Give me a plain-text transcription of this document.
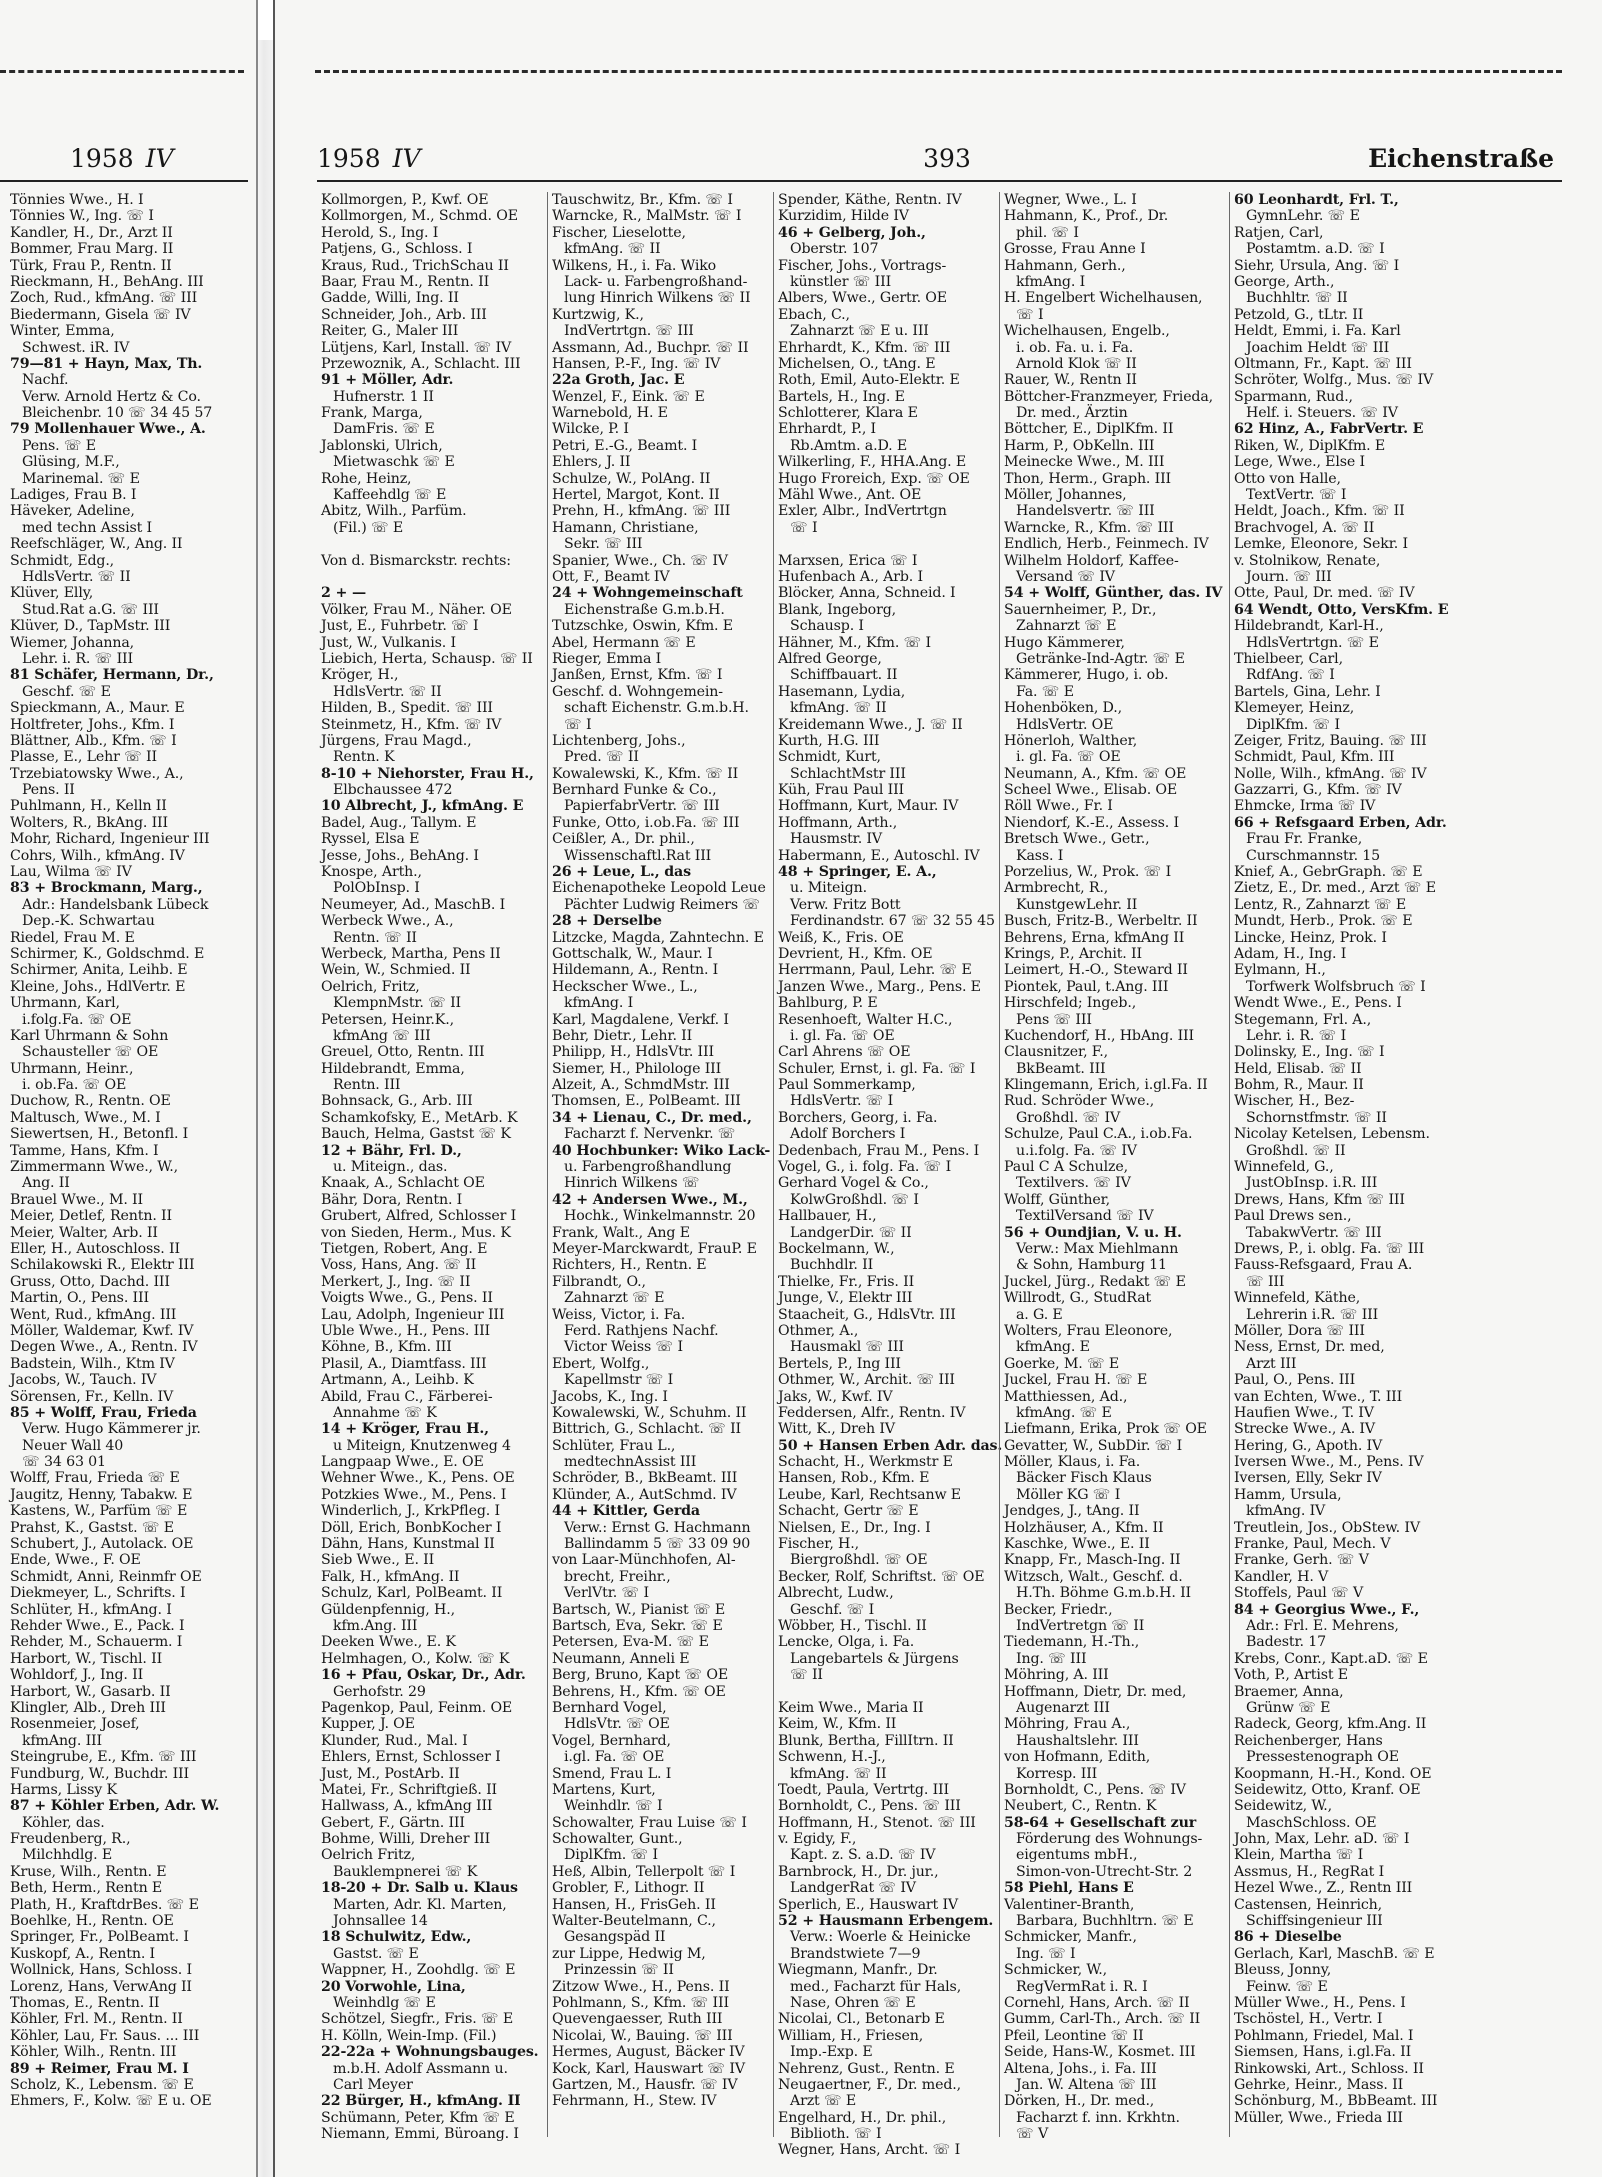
1958 IV
Tönnies Wwe., H. I
Tönnies W., Ing. ☏ I
Kandler, H., Dr., Arzt II
Bommer, Frau Marg. II
Türk, Frau P., Rentn. II
Rieckmann, H., BehAng. III
Zoch, Rud., kfmAng. ☏ III
Biedermann, Gisela ☏ IV
Winter, Emma,
Schwest. iR. IV
79—81 + Hayn, Max, Th.
Nachf.
Verw. Arnold Hertz & Co.
Bleichenbr. 10 ☏ 34 45 57
79 Mollenhauer Wwe., A.
Pens. ☏ E
Glüsing, M.F.,
Marinemal. ☏ E
Ladiges, Frau B. I
Häveker, Adeline,
med techn Assist I
Reefschläger, W., Ang. II
Schmidt, Edg.,
HdlsVertr. ☏ II
Klüver, Elly,
Stud.Rat a.G. ☏ III
Klüver, D., TapMstr. III
Wiemer, Johanna,
Lehr. i. R. ☏ III
81 Schäfer, Hermann, Dr.,
Geschf. ☏ E
Spieckmann, A., Maur. E
Holtfreter, Johs., Kfm. I
Blättner, Alb., Kfm. ☏ I
Plasse, E., Lehr ☏ II
Trzebiatowsky Wwe., A.,
Pens. II
Puhlmann, H., Kelln II
Wolters, R., BkAng. III
Mohr, Richard, Ingenieur III
Cohrs, Wilh., kfmAng. IV
Lau, Wilma ☏ IV
83 + Brockmann, Marg.,
Adr.: Handelsbank Lübeck
Dep.-K. Schwartau
Riedel, Frau M. E
Schirmer, K., Goldschmd. E
Schirmer, Anita, Leihb. E
Kleine, Johs., HdlVertr. E
Uhrmann, Karl,
i.folg.Fa. ☏ OE
Karl Uhrmann & Sohn
Schausteller ☏ OE
Uhrmann, Heinr.,
i. ob.Fa. ☏ OE
Duchow, R., Rentn. OE
Maltusch, Wwe., M. I
Siewertsen, H., Betonfl. I
Tamme, Hans, Kfm. I
Zimmermann Wwe., W.,
Ang. II
Brauel Wwe., M. II
Meier, Detlef, Rentn. II
Meier, Walter, Arb. II
Eller, H., Autoschloss. II
Schilakowski R., Elektr III
Gruss, Otto, Dachd. III
Martin, O., Pens. III
Went, Rud., kfmAng. III
Möller, Waldemar, Kwf. IV
Degen Wwe., A., Rentn. IV
Badstein, Wilh., Ktm IV
Jacobs, W., Tauch. IV
Sörensen, Fr., Kelln. IV
85 + Wolff, Frau, Frieda
Verw. Hugo Kämmerer jr.
Neuer Wall 40
☏ 34 63 01
Wolff, Frau, Frieda ☏ E
Jaugitz, Henny, Tabakw. E
Kastens, W., Parfüm ☏ E
Prahst, K., Gastst. ☏ E
Schubert, J., Autolack. OE
Ende, Wwe., F. OE
Schmidt, Anni, Reinmfr OE
Diekmeyer, L., Schrifts. I
Schlüter, H., kfmAng. I
Rehder Wwe., E., Pack. I
Rehder, M., Schauerm. I
Harbort, W., Tischl. II
Wohldorf, J., Ing. II
Harbort, W., Gasarb. II
Klingler, Alb., Dreh III
Rosenmeier, Josef,
kfmAng. III
Steingrube, E., Kfm. ☏ III
Fundburg, W., Buchdr. III
Harms, Lissy K
87 + Köhler Erben, Adr. W.
Köhler, das.
Freudenberg, R.,
Milchhdlg. E
Kruse, Wilh., Rentn. E
Beth, Herm., Rentn E
Plath, H., KraftdrBes. ☏ E
Boehlke, H., Rentn. OE
Springer, Fr., PolBeamt. I
Kuskopf, A., Rentn. I
Wollnick, Hans, Schloss. I
Lorenz, Hans, VerwAng II
Thomas, E., Rentn. II
Köhler, Frl. M., Rentn. II
Köhler, Lau, Fr. Saus. ... III
Köhler, Wilh., Rentn. III
89 + Reimer, Frau M. I
Scholz, K., Lebensm. ☏ E
Ehmers, F., Kolw. ☏ E u. OE
1958 IV	393	Eichenstraße
Kollmorgen, P., Kwf. OE
Kollmorgen, M., Schmd. OE
Herold, S., Ing. I
Patjens, G., Schloss. I
Kraus, Rud., TrichSchau II
Baar, Frau M., Rentn. II
Gadde, Willi, Ing. II
Schneider, Joh., Arb. III
Reiter, G., Maler III
Lütjens, Karl, Install. ☏ IV
Przewoznik, A., Schlacht. III
91 + Möller, Adr.
Hufnerstr. 1 II
Frank, Marga,
DamFris. ☏ E
Jablonski, Ulrich,
Mietwaschk ☏ E
Rohe, Heinz,
Kaffeehdlg ☏ E
Abitz, Wilh., Parfüm.
(Fil.) ☏ E
Von d. Bismarckstr. rechts:
2 + —
Völker, Frau M., Näher. OE
Just, E., Fuhrbetr. ☏ I
Just, W., Vulkanis. I
Liebich, Herta, Schausp. ☏ II
Kröger, H.,
HdlsVertr. ☏ II
Hilden, B., Spedit. ☏ III
Steinmetz, H., Kfm. ☏ IV
Jürgens, Frau Magd.,
Rentn. K
8-10 + Niehorster, Frau H.,
Elbchaussee 472
10 Albrecht, J., kfmAng. E
Badel, Aug., Tallym. E
Ryssel, Elsa E
Jesse, Johs., BehAng. I
Knospe, Arth.,
PolObInsp. I
Neumeyer, Ad., MaschB. I
Werbeck Wwe., A.,
Rentn. ☏ II
Werbeck, Martha, Pens II
Wein, W., Schmied. II
Oelrich, Fritz,
KlempnMstr. ☏ II
Petersen, Heinr.K.,
kfmAng ☏ III
Greuel, Otto, Rentn. III
Hildebrandt, Emma,
Rentn. III
Bohnsack, G., Arb. III
Schamkofsky, E., MetArb. K
Bauch, Helma, Gastst ☏ K
12 + Bähr, Frl. D.,
u. Miteign., das.
Knaak, A., Schlacht OE
Bähr, Dora, Rentn. I
Grubert, Alfred, Schlosser I
von Sieden, Herm., Mus. K
Tietgen, Robert, Ang. E
Voss, Hans, Ang. ☏ II
Merkert, J., Ing. ☏ II
Voigts Wwe., G., Pens. II
Lau, Adolph, Ingenieur III
Uble Wwe., H., Pens. III
Köhne, B., Kfm. III
Plasil, A., Diamtfass. III
Artmann, A., Leihb. K
Abild, Frau C., Färberei-
Annahme ☏ K
14 + Kröger, Frau H.,
u Miteign, Knutzenweg 4
Langpaap Wwe., E. OE
Wehner Wwe., K., Pens. OE
Potzkies Wwe., M., Pens. I
Winderlich, J., KrkPfleg. I
Döll, Erich, BonbKocher I
Dähn, Hans, Kunstmal II
Sieb Wwe., E. II
Falk, H., kfmAng. II
Schulz, Karl, PolBeamt. II
Güldenpfennig, H.,
kfm.Ang. III
Deeken Wwe., E. K
Helmhagen, O., Kolw. ☏ K
16 + Pfau, Oskar, Dr., Adr.
Gerhofstr. 29
Pagenkop, Paul, Feinm. OE
Kupper, J. OE
Klunder, Rud., Mal. I
Ehlers, Ernst, Schlosser I
Just, M., PostArb. II
Matei, Fr., Schriftgieß. II
Hallwass, A., kfmAng III
Gebert, F., Gärtn. III
Bohme, Willi, Dreher III
Oelrich Fritz,
Bauklempnerei ☏ K
18-20 + Dr. Salb u. Klaus
Marten, Adr. Kl. Marten,
Johnsallee 14
18 Schulwitz, Edw.,
Gastst. ☏ E
Wappner, H., Zoohdlg. ☏ E
20 Vorwohle, Lina,
Weinhdlg ☏ E
Schötzel, Siegfr., Fris. ☏ E
H. Kölln, Wein-Imp. (Fil.)
22-22a + Wohnungsbauges.
m.b.H. Adolf Assmann u.
Carl Meyer
22 Bürger, H., kfmAng. II
Schümann, Peter, Kfm ☏ E
Niemann, Emmi, Büroang. I
Tauschwitz, Br., Kfm. ☏ I
Warncke, R., MalMstr. ☏ I
Fischer, Lieselotte,
kfmAng. ☏ II
Wilkens, H., i. Fa. Wiko
Lack- u. Farbengroßhand-
lung Hinrich Wilkens ☏ II
Kurtzwig, K.,
IndVertrtgn. ☏ III
Assmann, Ad., Buchpr. ☏ II
Hansen, P.-F., Ing. ☏ IV
22a Groth, Jac. E
Wenzel, F., Eink. ☏ E
Warnebold, H. E
Wilcke, P. I
Petri, E.-G., Beamt. I
Ehlers, J. II
Schulze, W., PolAng. II
Hertel, Margot, Kont. II
Prehn, H., kfmAng. ☏ III
Hamann, Christiane,
Sekr. ☏ III
Spanier, Wwe., Ch. ☏ IV
Ott, F., Beamt IV
24 + Wohngemeinschaft
Eichenstraße G.m.b.H.
Tutzschke, Oswin, Kfm. E
Abel, Hermann ☏ E
Rieger, Emma I
Janßen, Ernst, Kfm. ☏ I
Geschf. d. Wohngemein-
schaft Eichenstr. G.m.b.H.
☏ I
Lichtenberg, Johs.,
Pred. ☏ II
Kowalewski, K., Kfm. ☏ II
Bernhard Funke & Co.,
PapierfabrVertr. ☏ III
Funke, Otto, i.ob.Fa. ☏ III
Ceißler, A., Dr. phil.,
Wissenschaftl.Rat III
26 + Leue, L., das
Eichenapotheke Leopold Leue
Pächter Ludwig Reimers ☏
28 + Derselbe
Litzcke, Magda, Zahntechn. E
Gottschalk, W., Maur. I
Hildemann, A., Rentn. I
Heckscher Wwe., L.,
kfmAng. I
Karl, Magdalene, Verkf. I
Behr, Dietr., Lehr. II
Philipp, H., HdlsVtr. III
Siemer, H., Philologe III
Alzeit, A., SchmdMstr. III
Thomsen, E., PolBeamt. III
34 + Lienau, C., Dr. med.,
Facharzt f. Nervenkr. ☏
40 Hochbunker: Wiko Lack-
u. Farbengroßhandlung
Hinrich Wilkens ☏
42 + Andersen Wwe., M.,
Hochk., Winkelmannstr. 20
Frank, Walt., Ang E
Meyer-Marckwardt, FrauP. E
Richters, H., Rentn. E
Filbrandt, O.,
Zahnarzt ☏ E
Weiss, Victor, i. Fa.
Ferd. Rathjens Nachf.
Victor Weiss ☏ I
Ebert, Wolfg.,
Kapellmstr ☏ I
Jacobs, K., Ing. I
Kowalewski, W., Schuhm. II
Bittrich, G., Schlacht. ☏ II
Schlüter, Frau L.,
medtechnAssist III
Schröder, B., BkBeamt. III
Klünder, A., AutSchmd. IV
44 + Kittler, Gerda
Verw.: Ernst G. Hachmann
Ballindamm 5 ☏ 33 09 90
von Laar-Münchhofen, Al-
brecht, Freihr.,
VerlVtr. ☏ I
Bartsch, W., Pianist ☏ E
Bartsch, Eva, Sekr. ☏ E
Petersen, Eva-M. ☏ E
Neumann, Anneli E
Berg, Bruno, Kapt ☏ OE
Behrens, H., Kfm. ☏ OE
Bernhard Vogel,
HdlsVtr. ☏ OE
Vogel, Bernhard,
i.gl. Fa. ☏ OE
Smend, Frau L. I
Martens, Kurt,
Weinhdlr. ☏ I
Schowalter, Frau Luise ☏ I
Schowalter, Gunt.,
DiplKfm. ☏ I
Heß, Albin, Tellerpolt ☏ I
Grobler, F., Lithogr. II
Hansen, H., FrisGeh. II
Walter-Beutelmann, C.,
Gesangspäd II
zur Lippe, Hedwig M,
Prinzessin ☏ II
Zitzow Wwe., H., Pens. II
Pohlmann, S., Kfm. ☏ III
Quevengaesser, Ruth III
Nicolai, W., Bauing. ☏ III
Hermes, August, Bäcker IV
Kock, Karl, Hauswart ☏ IV
Gartzen, M., Hausfr. ☏ IV
Fehrmann, H., Stew. IV
Spender, Käthe, Rentn. IV
Kurzidim, Hilde IV
46 + Gelberg, Joh.,
Oberstr. 107
Fischer, Johs., Vortrags-
künstler ☏ III
Albers, Wwe., Gertr. OE
Ebach, C.,
Zahnarzt ☏ E u. III
Ehrhardt, K., Kfm. ☏ III
Michelsen, O., tAng. E
Roth, Emil, Auto-Elektr. E
Bartels, H., Ing. E
Schlotterer, Klara E
Ehrhardt, P., I
Rb.Amtm. a.D. E
Wilkerling, F., HHA.Ang. E
Hugo Froreich, Exp. ☏ OE
Mähl Wwe., Ant. OE
Exler, Albr., IndVertrtgn
☏ I
Marxsen, Erica ☏ I
Hufenbach A., Arb. I
Blöcker, Anna, Schneid. I
Blank, Ingeborg,
Schausp. I
Hähner, M., Kfm. ☏ I
Alfred George,
Schiffbauart. II
Hasemann, Lydia,
kfmAng. ☏ II
Kreidemann Wwe., J. ☏ II
Kurth, H.G. III
Schmidt, Kurt,
SchlachtMstr III
Küh, Frau Paul III
Hoffmann, Kurt, Maur. IV
Hoffmann, Arth.,
Hausmstr. IV
Habermann, E., Autoschl. IV
48 + Springer, E. A.,
u. Miteign.
Verw. Fritz Bott
Ferdinandstr. 67 ☏ 32 55 45
Weiß, K., Fris. OE
Devrient, H., Kfm. OE
Herrmann, Paul, Lehr. ☏ E
Janzen Wwe., Marg., Pens. E
Bahlburg, P. E
Resenhoeft, Walter H.C.,
i. gl. Fa. ☏ OE
Carl Ahrens ☏ OE
Schuler, Ernst, i. gl. Fa. ☏ I
Paul Sommerkamp,
HdlsVertr. ☏ I
Borchers, Georg, i. Fa.
Adolf Borchers I
Dedenbach, Frau M., Pens. I
Vogel, G., i. folg. Fa. ☏ I
Gerhard Vogel & Co.,
KolwGroßhdl. ☏ I
Hallbauer, H.,
LandgerDir. ☏ II
Bockelmann, W.,
Buchhdlr. II
Thielke, Fr., Fris. II
Junge, V., Elektr III
Staacheit, G., HdlsVtr. III
Othmer, A.,
Hausmakl ☏ III
Bertels, P., Ing III
Othmer, W., Archit. ☏ III
Jaks, W., Kwf. IV
Feddersen, Alfr., Rentn. IV
Witt, K., Dreh IV
50 + Hansen Erben Adr. das.
Schacht, H., Werkmstr E
Hansen, Rob., Kfm. E
Leube, Karl, Rechtsanw E
Schacht, Gertr ☏ E
Nielsen, E., Dr., Ing. I
Fischer, H.,
Biergroßhdl. ☏ OE
Becker, Rolf, Schriftst. ☏ OE
Albrecht, Ludw.,
Geschf. ☏ I
Wöbber, H., Tischl. II
Lencke, Olga, i. Fa.
Langebartels & Jürgens
☏ II
Keim Wwe., Maria II
Keim, W., Kfm. II
Blunk, Bertha, FillItrn. II
Schwenn, H.-J.,
kfmAng. ☏ II
Toedt, Paula, Vertrtg. III
Bornholdt, C., Pens. ☏ III
Hoffmann, H., Stenot. ☏ III
v. Egidy, F.,
Kapt. z. S. a.D. ☏ IV
Barnbrock, H., Dr. jur.,
LandgerRat ☏ IV
Sperlich, E., Hauswart IV
52 + Hausmann Erbengem.
Verw.: Woerle & Heinicke
Brandstwiete 7—9
Wiegmann, Manfr., Dr.
med., Facharzt für Hals,
Nase, Ohren ☏ E
Nicolai, Cl., Betonarb E
William, H., Friesen,
Imp.-Exp. E
Nehrenz, Gust., Rentn. E
Neugaertner, F., Dr. med.,
Arzt ☏ E
Engelhard, H., Dr. phil.,
Biblioth. ☏ I
Wegner, Hans, Archt. ☏ I
Wegner, Wwe., L. I
Hahmann, K., Prof., Dr.
phil. ☏ I
Grosse, Frau Anne I
Hahmann, Gerh.,
kfmAng. I
H. Engelbert Wichelhausen,
☏ I
Wichelhausen, Engelb.,
i. ob. Fa. u. i. Fa.
Arnold Klok ☏ II
Rauer, W., Rentn II
Böttcher-Franzmeyer, Frieda,
Dr. med., Ärztin
Böttcher, E., DiplKfm. II
Harm, P., ObKelln. III
Meinecke Wwe., M. III
Thon, Herm., Graph. III
Möller, Johannes,
Handelsvertr. ☏ III
Warncke, R., Kfm. ☏ III
Endlich, Herb., Feinmech. IV
Wilhelm Holdorf, Kaffee-
Versand ☏ IV
54 + Wolff, Günther, das. IV
Sauernheimer, P., Dr.,
Zahnarzt ☏ E
Hugo Kämmerer,
Getränke-Ind-Agtr. ☏ E
Kämmerer, Hugo, i. ob.
Fa. ☏ E
Hohenböken, D.,
HdlsVertr. OE
Hönerloh, Walther,
i. gl. Fa. ☏ OE
Neumann, A., Kfm. ☏ OE
Scheel Wwe., Elisab. OE
Röll Wwe., Fr. I
Niendorf, K.-E., Assess. I
Bretsch Wwe., Getr.,
Kass. I
Porzelius, W., Prok. ☏ I
Armbrecht, R.,
KunstgewLehr. II
Busch, Fritz-B., Werbeltr. II
Behrens, Erna, kfmAng II
Krings, P., Archit. II
Leimert, H.-O., Steward II
Piontek, Paul, t.Ang. III
Hirschfeld; Ingeb.,
Pens ☏ III
Kuchendorf, H., HbAng. III
Clausnitzer, F.,
BkBeamt. III
Klingemann, Erich, i.gl.Fa. II
Rud. Schröder Wwe.,
Großhdl. ☏ IV
Schulze, Paul C.A., i.ob.Fa.
u.i.folg. Fa. ☏ IV
Paul C A Schulze,
Textilvers. ☏ IV
Wolff, Günther,
TextilVersand ☏ IV
56 + Oundjian, V. u. H.
Verw.: Max Miehlmann
& Sohn, Hamburg 11
Juckel, Jürg., Redakt ☏ E
Willrodt, G., StudRat
a. G. E
Wolters, Frau Eleonore,
kfmAng. E
Goerke, M. ☏ E
Juckel, Frau H. ☏ E
Matthiessen, Ad.,
kfmAng. ☏ E
Liefmann, Erika, Prok ☏ OE
Gevatter, W., SubDir. ☏ I
Möller, Klaus, i. Fa.
Bäcker Fisch Klaus
Möller KG ☏ I
Jendges, J., tAng. II
Holzhäuser, A., Kfm. II
Kaschke, Wwe., E. II
Knapp, Fr., Masch-Ing. II
Witzsch, Walt., Geschf. d.
H.Th. Böhme G.m.b.H. II
Becker, Friedr.,
IndVertretgn ☏ II
Tiedemann, H.-Th.,
Ing. ☏ III
Möhring, A. III
Hoffmann, Dietr, Dr. med,
Augenarzt III
Möhring, Frau A.,
Haushaltslehr. III
von Hofmann, Edith,
Korresp. III
Bornholdt, C., Pens. ☏ IV
Neubert, C., Rentn. K
58-64 + Gesellschaft zur
Förderung des Wohnungs-
eigentums mbH.,
Simon-von-Utrecht-Str. 2
58 Piehl, Hans E
Valentiner-Branth,
Barbara, Buchhltrn. ☏ E
Schmicker, Manfr.,
Ing. ☏ I
Schmicker, W.,
RegVermRat i. R. I
Cornehl, Hans, Arch. ☏ II
Gumm, Carl-Th., Arch. ☏ II
Pfeil, Leontine ☏ II
Seide, Hans-W., Kosmet. III
Altena, Johs., i. Fa. III
Jan. W. Altena ☏ III
Dörken, H., Dr. med.,
Facharzt f. inn. Krkhtn.
☏ V
60 Leonhardt, Frl. T.,
GymnLehr. ☏ E
Ratjen, Carl,
Postamtm. a.D. ☏ I
Siehr, Ursula, Ang. ☏ I
George, Arth.,
Buchhltr. ☏ II
Petzold, G., tLtr. II
Heldt, Emmi, i. Fa. Karl
Joachim Heldt ☏ III
Oltmann, Fr., Kapt. ☏ III
Schröter, Wolfg., Mus. ☏ IV
Sparmann, Rud.,
Helf. i. Steuers. ☏ IV
62 Hinz, A., FabrVertr. E
Riken, W., DiplKfm. E
Lege, Wwe., Else I
Otto von Halle,
TextVertr. ☏ I
Heldt, Joach., Kfm. ☏ II
Brachvogel, A. ☏ II
Lemke, Eleonore, Sekr. I
v. Stolnikow, Renate,
Journ. ☏ III
Otte, Paul, Dr. med. ☏ IV
64 Wendt, Otto, VersKfm. E
Hildebrandt, Karl-H.,
HdlsVertrtgn. ☏ E
Thielbeer, Carl,
RdfAng. ☏ I
Bartels, Gina, Lehr. I
Klemeyer, Heinz,
DiplKfm. ☏ I
Zeiger, Fritz, Bauing. ☏ III
Schmidt, Paul, Kfm. III
Nolle, Wilh., kfmAng. ☏ IV
Gazzarri, G., Kfm. ☏ IV
Ehmcke, Irma ☏ IV
66 + Refsgaard Erben, Adr.
Frau Fr. Franke,
Curschmannstr. 15
Knief, A., GebrGraph. ☏ E
Zietz, E., Dr. med., Arzt ☏ E
Lentz, R., Zahnarzt ☏ E
Mundt, Herb., Prok. ☏ E
Lincke, Heinz, Prok. I
Adam, H., Ing. I
Eylmann, H.,
Torfwerk Wolfsbruch ☏ I
Wendt Wwe., E., Pens. I
Stegemann, Frl. A.,
Lehr. i. R. ☏ I
Dolinsky, E., Ing. ☏ I
Held, Elisab. ☏ II
Bohm, R., Maur. II
Wischer, H., Bez-
Schornstfmstr. ☏ II
Nicolay Ketelsen, Lebensm.
Großhdl. ☏ II
Winnefeld, G.,
JustObInsp. i.R. III
Drews, Hans, Kfm ☏ III
Paul Drews sen.,
TabakwVertr. ☏ III
Drews, P., i. oblg. Fa. ☏ III
Fauss-Refsgaard, Frau A.
☏ III
Winnefeld, Käthe,
Lehrerin i.R. ☏ III
Möller, Dora ☏ III
Ness, Ernst, Dr. med,
Arzt III
Paul, O., Pens. III
van Echten, Wwe., T. III
Haufien Wwe., T. IV
Strecke Wwe., A. IV
Hering, G., Apoth. IV
Iversen Wwe., M., Pens. IV
Iversen, Elly, Sekr IV
Hamm, Ursula,
kfmAng. IV
Treutlein, Jos., ObStew. IV
Franke, Paul, Mech. V
Franke, Gerh. ☏ V
Kandler, H. V
Stoffels, Paul ☏ V
84 + Georgius Wwe., F.,
Adr.: Frl. E. Mehrens,
Badestr. 17
Krebs, Conr., Kapt.aD. ☏ E
Voth, P., Artist E
Braemer, Anna,
Grünw ☏ E
Radeck, Georg, kfm.Ang. II
Reichenberger, Hans
Pressestenograph OE
Koopmann, H.-H., Kond. OE
Seidewitz, Otto, Kranf. OE
Seidewitz, W.,
MaschSchloss. OE
John, Max, Lehr. aD. ☏ I
Klein, Martha ☏ I
Assmus, H., RegRat I
Hezel Wwe., Z., Rentn III
Castensen, Heinrich,
Schiffsingenieur III
86 + Dieselbe
Gerlach, Karl, MaschB. ☏ E
Bleuss, Jonny,
Feinw. ☏ E
Müller Wwe., H., Pens. I
Tschöstel, H., Vertr. I
Pohlmann, Friedel, Mal. I
Siemsen, Hans, i.gl.Fa. II
Rinkowski, Art., Schloss. II
Gehrke, Heinr., Mass. II
Schönburg, M., BbBeamt. III
Müller, Wwe., Frieda III
